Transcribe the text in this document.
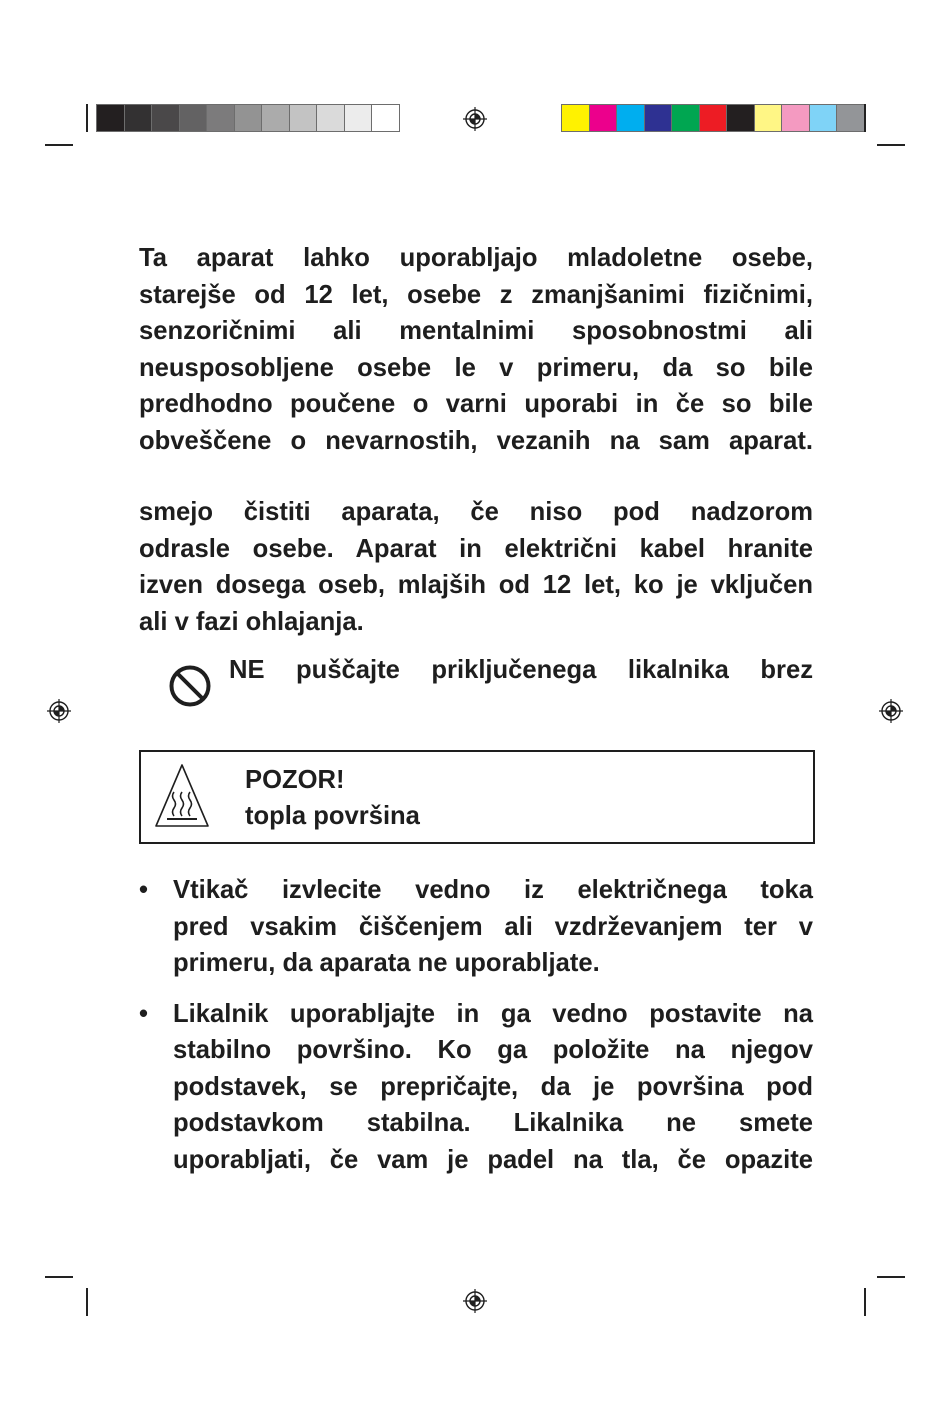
Ta aparat lahko uporabljajo mladoletne osebe,
starejše od 12 let, osebe z zmanjšanimi fizičnimi,
senzoričnimi ali mentalnimi sposobnostmi ali
neusposobljene osebe le v primeru, da so bile
predhodno poučene o varni uporabi in če so bile
obveščene o nevarnostih, vezanih na sam aparat.

smejo čistiti aparata, če niso pod nadzorom
odrasle osebe. Aparat in električni kabel hranite
izven dosega oseb, mlajših od 12 let, ko je vključen
ali v fazi ohlajanja.

NE puščajte priključenega likalnika brez

POZOR!
topla površina
• Vtikač izvlecite vedno iz električnega toka
pred vsakim čiščenjem ali vzdrževanjem ter v
primeru, da aparata ne uporabljate.
• Likalnik uporabljajte in ga vedno postavite na
stabilno površino. Ko ga položite na njegov
podstavek, se prepričajte, da je površina pod
podstavkom stabilna. Likalnika ne smete
uporabljati, če vam je padel na tla, če opazite
